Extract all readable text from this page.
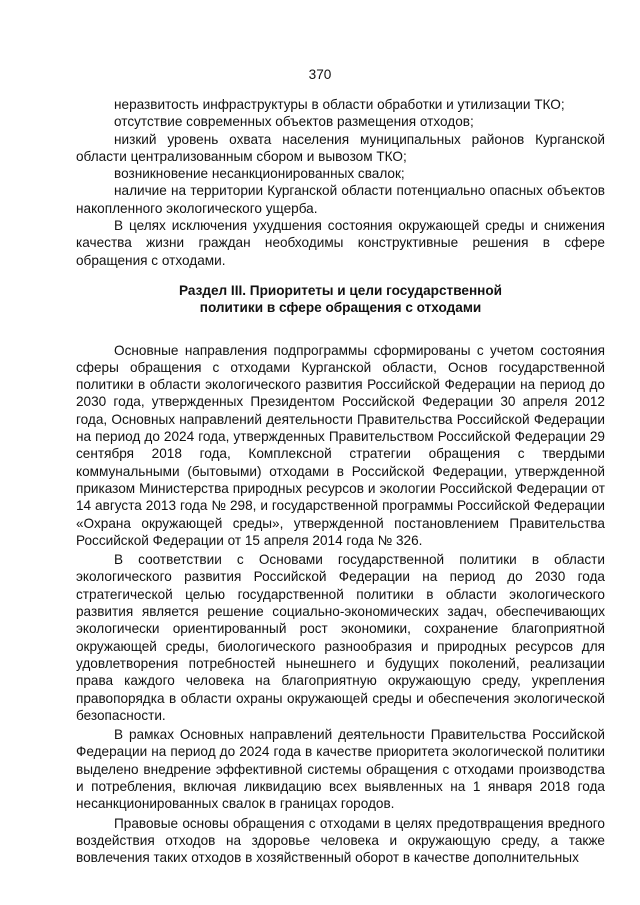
370

неразвитость инфраструктуры в области обработки и утилизации ТКО;

отсутствие современных объектов размещения отходов;

низкий уровень охвата населения муниципальных районов Курганской области централизованным сбором и вывозом ТКО;

возникновение несанкционированных свалок;

наличие на территории Курганской области потенциально опасных объектов накопленного экологического ущерба.

В целях исключения ухудшения состояния окружающей среды и снижения качества жизни граждан необходимы конструктивные решения в сфере обращения с отходами.

Раздел III. Приоритеты и цели государственной
политики в сфере обращения с отходами

Основные направления подпрограммы сформированы с учетом состояния сферы обращения с отходами Курганской области, Основ государственной политики в области экологического развития Российской Федерации на период до 2030 года, утвержденных Президентом Российской Федерации 30 апреля 2012 года, Основных направлений деятельности Правительства Российской Федерации на период до 2024 года, утвержденных Правительством Российской Федерации 29 сентября 2018 года, Комплексной стратегии обращения с твердыми коммунальными (бытовыми) отходами в Российской Федерации, утвержденной приказом Министерства природных ресурсов и экологии Российской Федерации от 14 августа 2013 года № 298, и государственной программы Российской Федерации «Охрана окружающей среды», утвержденной постановлением Правительства Российской Федерации от 15 апреля 2014 года № 326.

В соответствии с Основами государственной политики в области экологического развития Российской Федерации на период до 2030 года стратегической целью государственной политики в области экологического развития является решение социально-экономических задач, обеспечивающих экологически ориентированный рост экономики, сохранение благоприятной окружающей среды, биологического разнообразия и природных ресурсов для удовлетворения потребностей нынешнего и будущих поколений, реализации права каждого человека на благоприятную окружающую среду, укрепления правопорядка в области охраны окружающей среды и обеспечения экологической безопасности.

В рамках Основных направлений деятельности Правительства Российской Федерации на период до 2024 года в качестве приоритета экологической политики выделено внедрение эффективной системы обращения с отходами производства и потребления, включая ликвидацию всех выявленных на 1 января 2018 года несанкционированных свалок в границах городов.

Правовые основы обращения с отходами в целях предотвращения вредного воздействия отходов на здоровье человека и окружающую среду, а также вовлечения таких отходов в хозяйственный оборот в качестве дополнительных
